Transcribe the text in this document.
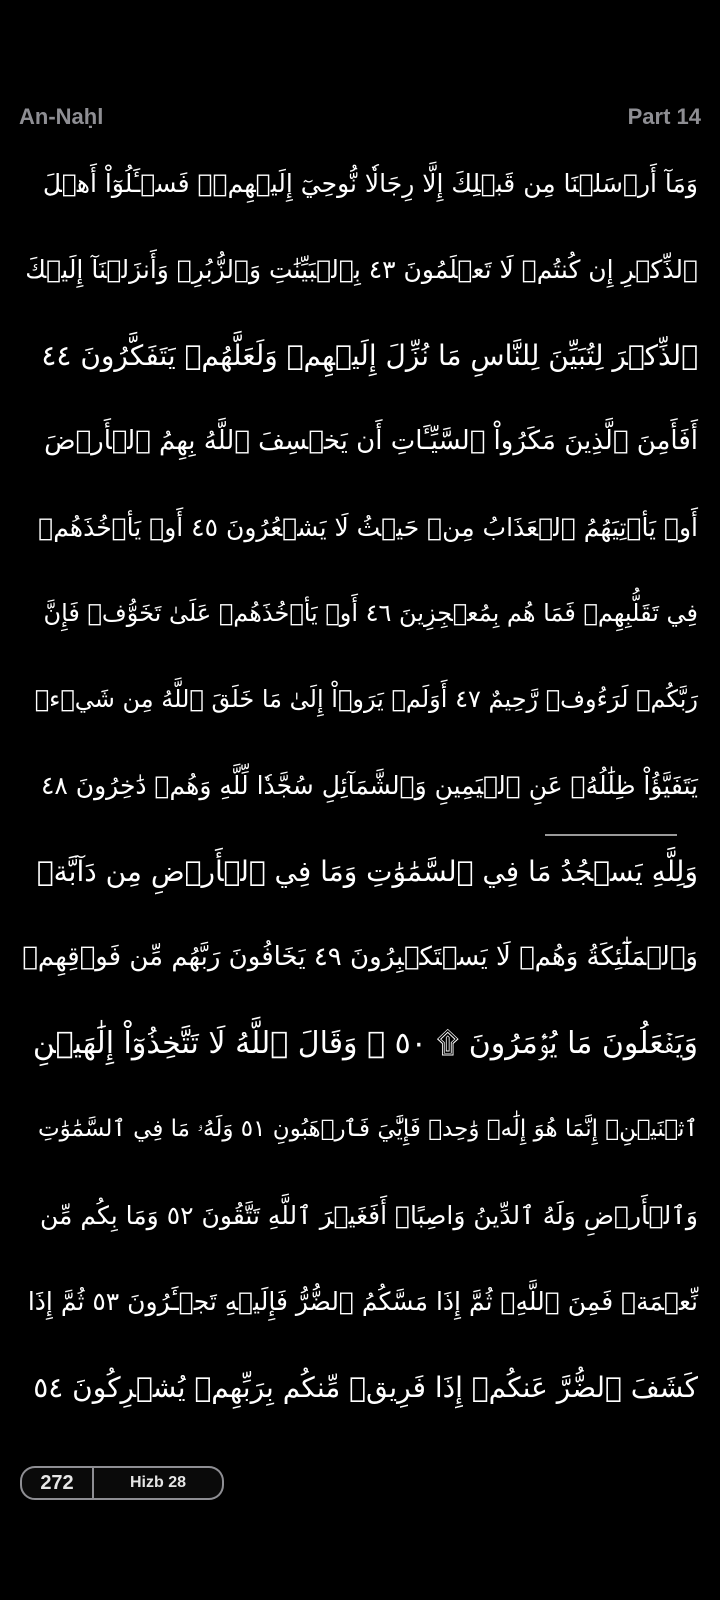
An-Naḥl	Part 14
وَمَآ أَرۡسَلۡنَا مِن قَبۡلِكَ إِلَّا رِجَالٗا نُّوحِيٓ إِلَيۡهِمۡۚ فَسۡـَٔلُوٓاْ أَهۡلَ
ٱلذِّكۡرِ إِن كُنتُمۡ لَا تَعۡلَمُونَ ٤٣ بِٱلۡبَيِّنَٰتِ وَٱلزُّبُرِۗ وَأَنزَلۡنَآ إِلَيۡكَ
ٱلذِّكۡرَ لِتُبَيِّنَ لِلنَّاسِ مَا نُزِّلَ إِلَيۡهِمۡ وَلَعَلَّهُمۡ يَتَفَكَّرُونَ ٤٤
أَفَأَمِنَ ٱلَّذِينَ مَكَرُواْ ٱلسَّيِّـَٔاتِ أَن يَخۡسِفَ ٱللَّهُ بِهِمُ ٱلۡأَرۡضَ
أَوۡ يَأۡتِيَهُمُ ٱلۡعَذَابُ مِنۡ حَيۡثُ لَا يَشۡعُرُونَ ٤٥ أَوۡ يَأۡخُذَهُمۡ
فِي تَقَلُّبِهِمۡ فَمَا هُم بِمُعۡجِزِينَ ٤٦ أَوۡ يَأۡخُذَهُمۡ عَلَىٰ تَخَوُّفٖ فَإِنَّ
رَبَّكُمۡ لَرَءُوفٞ رَّحِيمٌ ٤٧ أَوَلَمۡ يَرَوۡاْ إِلَىٰ مَا خَلَقَ ٱللَّهُ مِن شَيۡءٖ
يَتَفَيَّؤُاْ ظِلَٰلُهُۥ عَنِ ٱلۡيَمِينِ وَٱلشَّمَآئِلِ سُجَّدٗا لِّلَّهِ وَهُمۡ دَٰخِرُونَ ٤٨
وَلِلَّهِ يَسۡجُدُ مَا فِي ٱلسَّمَٰوَٰتِ وَمَا فِي ٱلۡأَرۡضِ مِن دَآبَّةٖ
وَٱلۡمَلَٰٓئِكَةُ وَهُمۡ لَا يَسۡتَكۡبِرُونَ ٤٩ يَخَافُونَ رَبَّهُم مِّن فَوۡقِهِمۡ
وَيَفۡعَلُونَ مَا يُؤۡمَرُونَ ۩ ٥٠ ۞ وَقَالَ ٱللَّهُ لَا تَتَّخِذُوٓاْ إِلَٰهَيۡنِ
ٱثۡنَيۡنِۖ إِنَّمَا هُوَ إِلَٰهٞ وَٰحِدٞ فَإِيَّٰيَ فَٱرۡهَبُونِ ٥١ وَلَهُۥ مَا فِي ٱلسَّمَٰوَٰتِ
وَٱلۡأَرۡضِ وَلَهُ ٱلدِّينُ وَاصِبًاۚ أَفَغَيۡرَ ٱللَّهِ تَتَّقُونَ ٥٢ وَمَا بِكُم مِّن
نِّعۡمَةٖ فَمِنَ ٱللَّهِۖ ثُمَّ إِذَا مَسَّكُمُ ٱلضُّرُّ فَإِلَيۡهِ تَجۡـَٔرُونَ ٥٣ ثُمَّ إِذَا
كَشَفَ ٱلضُّرَّ عَنكُمۡ إِذَا فَرِيقٞ مِّنكُم بِرَبِّهِمۡ يُشۡرِكُونَ ٥٤
272	Hizb 28
